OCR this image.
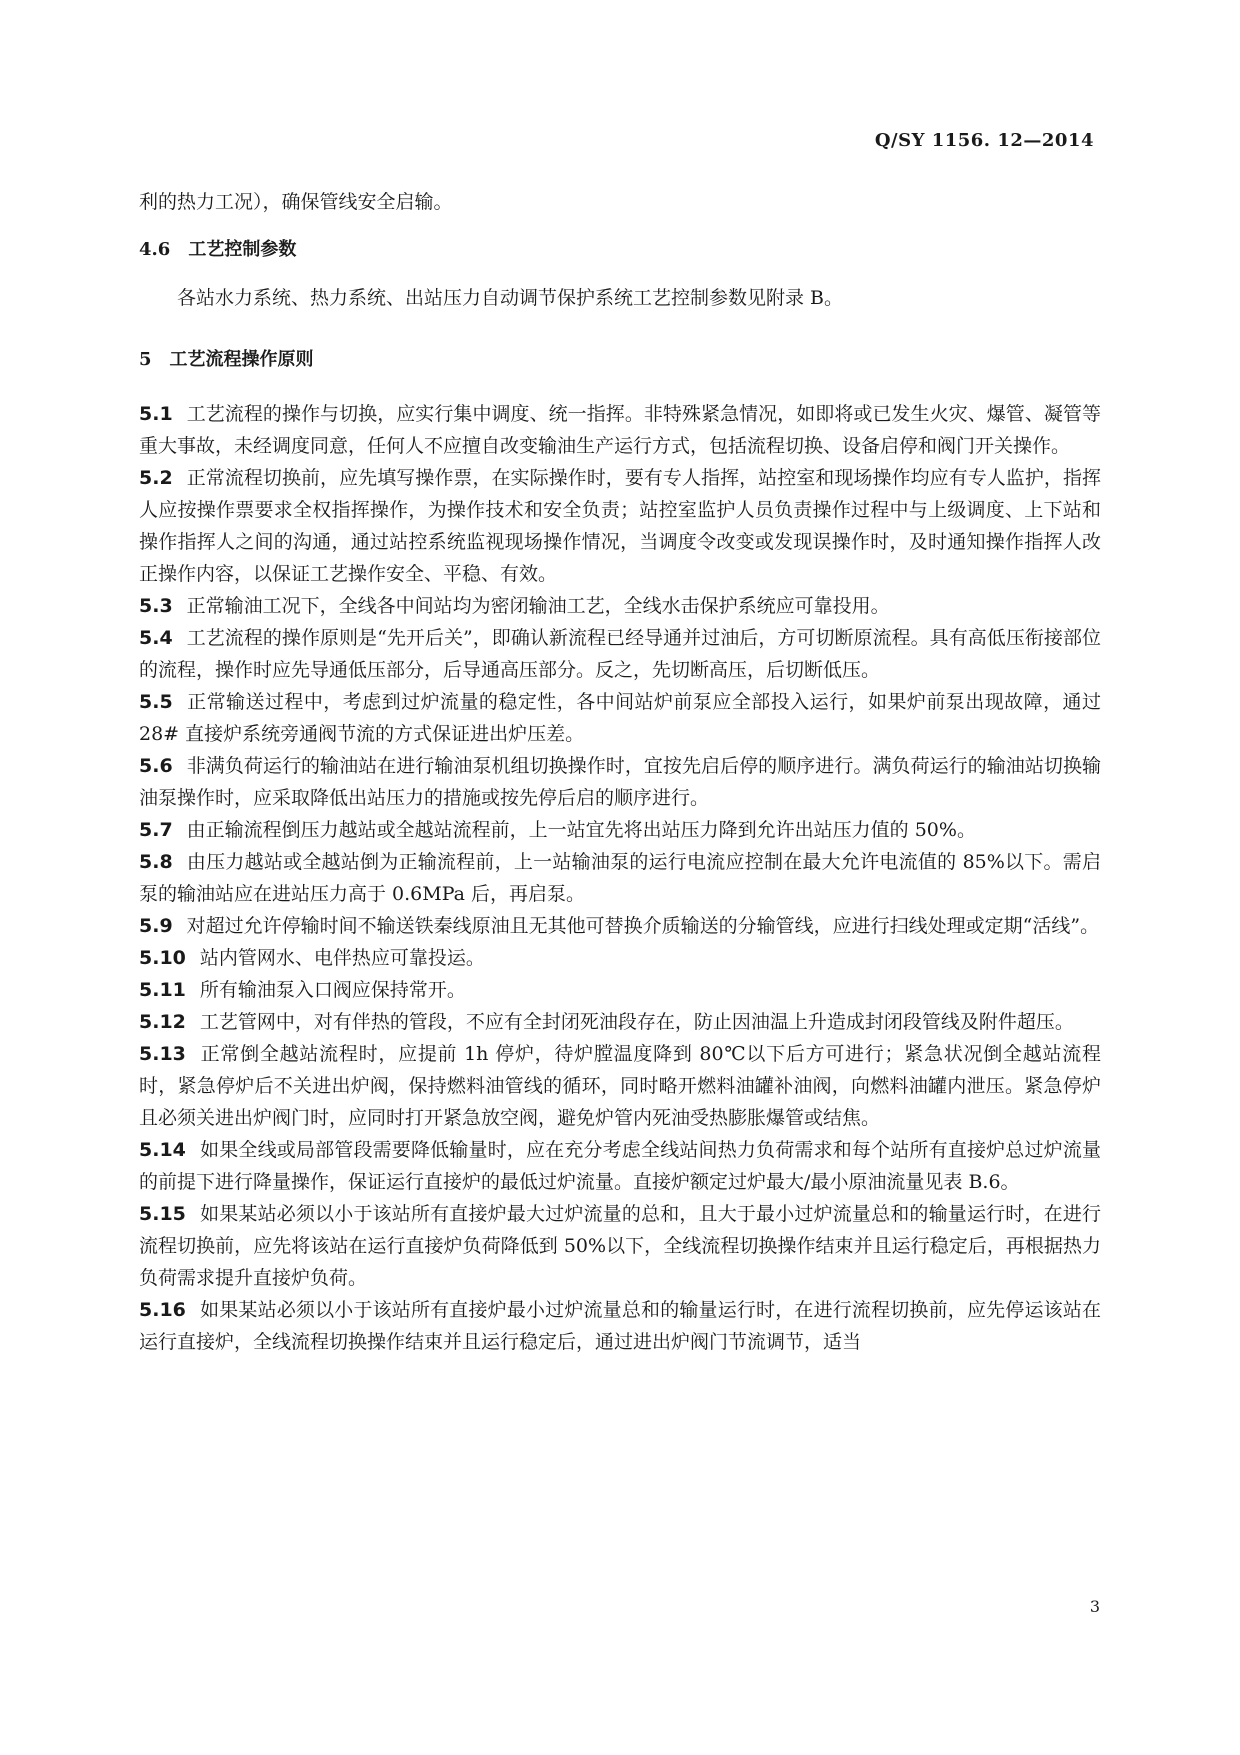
Q/SY 1156. 12—2014

利的热力工况），确保管线安全启输。

4.6 工艺控制参数

各站水力系统、热力系统、出站压力自动调节保护系统工艺控制参数见附录 B。

5 工艺流程操作原则

5.1 工艺流程的操作与切换，应实行集中调度、统一指挥。非特殊紧急情况，如即将或已发生火灾、爆管、凝管等重大事故，未经调度同意，任何人不应擅自改变输油生产运行方式，包括流程切换、设备启停和阀门开关操作。

5.2 正常流程切换前，应先填写操作票，在实际操作时，要有专人指挥，站控室和现场操作均应有专人监护，指挥人应按操作票要求全权指挥操作，为操作技术和安全负责；站控室监护人员负责操作过程中与上级调度、上下站和操作指挥人之间的沟通，通过站控系统监视现场操作情况，当调度令改变或发现误操作时，及时通知操作指挥人改正操作内容，以保证工艺操作安全、平稳、有效。

5.3 正常输油工况下，全线各中间站均为密闭输油工艺，全线水击保护系统应可靠投用。

5.4 工艺流程的操作原则是“先开后关”，即确认新流程已经导通并过油后，方可切断原流程。具有高低压衔接部位的流程，操作时应先导通低压部分，后导通高压部分。反之，先切断高压，后切断低压。

5.5 正常输送过程中，考虑到过炉流量的稳定性，各中间站炉前泵应全部投入运行，如果炉前泵出现故障，通过 28# 直接炉系统旁通阀节流的方式保证进出炉压差。

5.6 非满负荷运行的输油站在进行输油泵机组切换操作时，宜按先启后停的顺序进行。满负荷运行的输油站切换输油泵操作时，应采取降低出站压力的措施或按先停后启的顺序进行。

5.7 由正输流程倒压力越站或全越站流程前，上一站宜先将出站压力降到允许出站压力值的 50%。

5.8 由压力越站或全越站倒为正输流程前，上一站输油泵的运行电流应控制在最大允许电流值的 85%以下。需启泵的输油站应在进站压力高于 0.6MPa 后，再启泵。

5.9 对超过允许停输时间不输送铁秦线原油且无其他可替换介质输送的分输管线，应进行扫线处理或定期“活线”。

5.10 站内管网水、电伴热应可靠投运。

5.11 所有输油泵入口阀应保持常开。

5.12 工艺管网中，对有伴热的管段，不应有全封闭死油段存在，防止因油温上升造成封闭段管线及附件超压。

5.13 正常倒全越站流程时，应提前 1h 停炉，待炉膛温度降到 80℃以下后方可进行；紧急状况倒全越站流程时，紧急停炉后不关进出炉阀，保持燃料油管线的循环，同时略开燃料油罐补油阀，向燃料油罐内泄压。紧急停炉且必须关进出炉阀门时，应同时打开紧急放空阀，避免炉管内死油受热膨胀爆管或结焦。

5.14 如果全线或局部管段需要降低输量时，应在充分考虑全线站间热力负荷需求和每个站所有直接炉总过炉流量的前提下进行降量操作，保证运行直接炉的最低过炉流量。直接炉额定过炉最大/最小原油流量见表 B.6。

5.15 如果某站必须以小于该站所有直接炉最大过炉流量的总和，且大于最小过炉流量总和的输量运行时，在进行流程切换前，应先将该站在运行直接炉负荷降低到 50%以下，全线流程切换操作结束并且运行稳定后，再根据热力负荷需求提升直接炉负荷。

5.16 如果某站必须以小于该站所有直接炉最小过炉流量总和的输量运行时，在进行流程切换前，应先停运该站在运行直接炉，全线流程切换操作结束并且运行稳定后，通过进出炉阀门节流调节，适当

3
